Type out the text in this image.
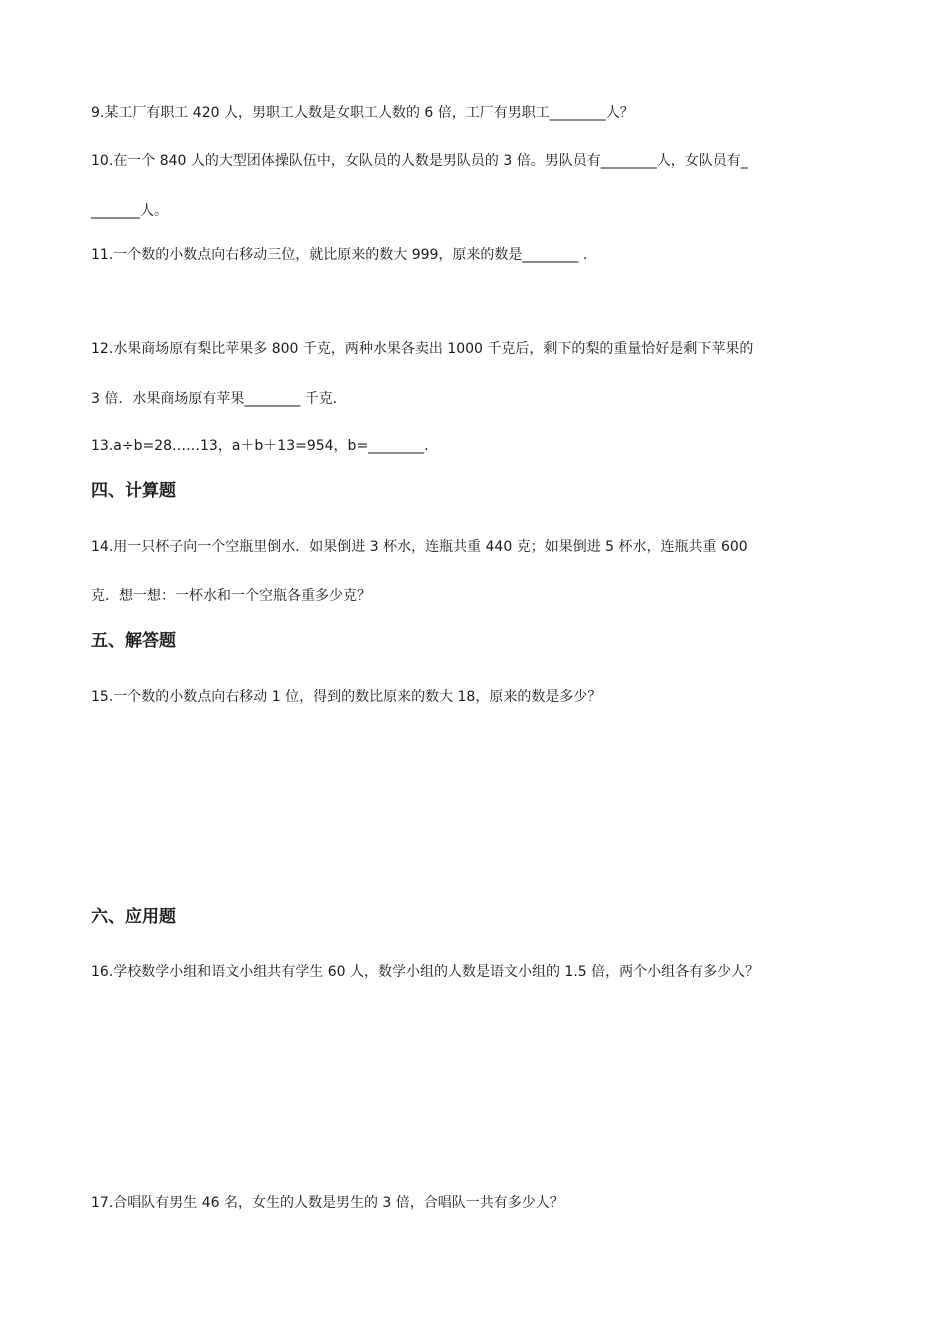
9.某工厂有职工 420 人，男职工人数是女职工人数的 6 倍，工厂有男职工________人？
10.在一个 840 人的大型团体操队伍中，女队员的人数是男队员的 3 倍。男队员有________人，女队员有_
_______人。
11.一个数的小数点向右移动三位，就比原来的数大 999，原来的数是________ .
12.水果商场原有梨比苹果多 800 千克，两种水果各卖出 1000 千克后，剩下的梨的重量恰好是剩下苹果的
3 倍．水果商场原有苹果________ 千克．
13.a÷b=28……13，a＋b＋13=954，b=________.
四、计算题
14.用一只杯子向一个空瓶里倒水．如果倒进 3 杯水，连瓶共重 440 克；如果倒进 5 杯水，连瓶共重 600
克．想一想：一杯水和一个空瓶各重多少克？
五、解答题
15.一个数的小数点向右移动 1 位，得到的数比原来的数大 18，原来的数是多少？
六、应用题
16.学校数学小组和语文小组共有学生 60 人，数学小组的人数是语文小组的 1.5 倍，两个小组各有多少人？
17.合唱队有男生 46 名，女生的人数是男生的 3 倍，合唱队一共有多少人？
